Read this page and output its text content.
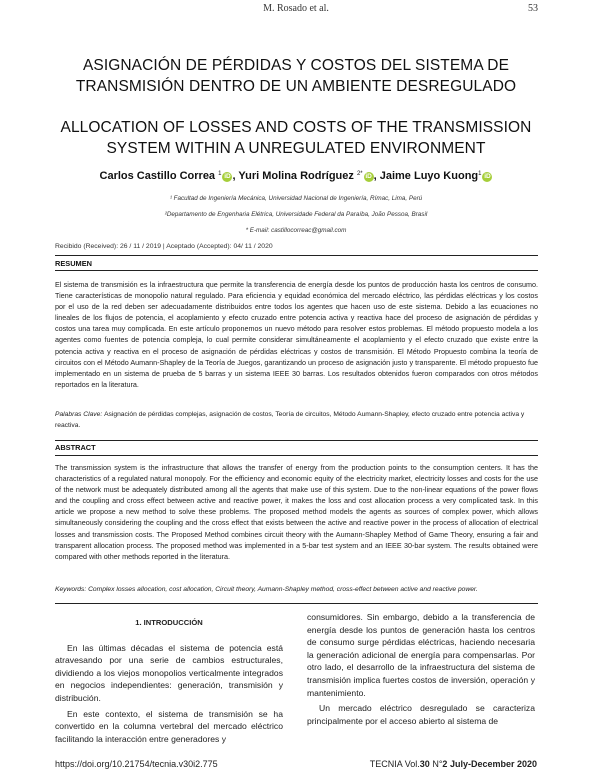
M. Rosado et al.	53
ASIGNACIÓN DE PÉRDIDAS Y COSTOS DEL SISTEMA DE
TRANSMISIÓN DENTRO DE UN AMBIENTE DESREGULADO
ALLOCATION OF LOSSES AND COSTS OF THE TRANSMISSION
SYSTEM WITHIN A UNREGULATED ENVIRONMENT
Carlos Castillo Correa $^1$ iD , Yuri Molina Rodríguez $^{2*}$ iD , Jaime Luyo Kuong$^1$ iD
¹ Facultad de Ingeniería Mecánica, Universidad Nacional de Ingeniería, Rímac, Lima, Perú
²Departamento de Engenharia Elétrica, Universidade Federal da Paraíba, João Pessoa, Brasil
* E-mail: castillocorreac@gmail.com
Recibido (Received): 26 / 11 / 2019 | Aceptado (Accepted): 04/ 11 / 2020
RESUMEN
El sistema de transmisión es la infraestructura que permite la transferencia de energía desde los puntos de producción hasta los centros de consumo. Tiene características de monopolio natural regulado. Para eficiencia y equidad económica del mercado eléctrico, las pérdidas eléctricas y los costos por el uso de la red deben ser adecuadamente distribuidos entre todos los agentes que hacen uso de este sistema. Debido a las ecuaciones no lineales de los flujos de potencia, el acoplamiento y efecto cruzado entre potencia activa y reactiva hace del proceso de asignación de pérdidas y costos una tarea muy complicada. En este artículo proponemos un nuevo método para resolver estos problemas. El método propuesto modela a los agentes como fuentes de potencia compleja, lo cual permite considerar simultáneamente el acoplamiento y el efecto cruzado que existe entre la potencia activa y reactiva en el proceso de asignación de pérdidas eléctricas y costos de transmisión. El Método Propuesto combina la teoría de circuitos con el Método Aumann-Shapley de la Teoría de Juegos, garantizando un proceso de asignación justo y transparente. El método propuesto fue implementado en un sistema de prueba de 5 barras y un sistema IEEE 30 barras. Los resultados obtenidos fueron comparados con otros métodos reportados en la literatura.
Palabras Clave: Asignación de pérdidas complejas, asignación de costos, Teoría de circuitos, Método Aumann-Shapley, efecto cruzado entre potencia activa y reactiva.
ABSTRACT
The transmission system is the infrastructure that allows the transfer of energy from the production points to the consumption centers. It has the characteristics of a regulated natural monopoly. For the efficiency and economic equity of the electricity market, electricity losses and costs for the use of the network must be adequately distributed among all the agents that make use of this system. Due to the non-linear equations of the power flows and the coupling and cross effect between active and reactive power, it makes the loss and cost allocation process a very complicated task. In this article we propose a new method to solve these problems. The proposed method models the agents as sources of complex power, which allows simultaneously considering the coupling and the cross effect that exists between the active and reactive power in the process of allocation of electrical losses and transmission costs. The Proposed Method combines circuit theory with the Aumann-Shapley Method of Game Theory, ensuring a fair and transparent allocation process. The proposed method was implemented in a 5-bar test system and an IEEE 30-bar system. The results obtained were compared with other methods reported in the literatura.
Keywords: Complex losses allocation, cost allocation, Circuit theory, Aumann-Shapley method, cross-effect between active and reactive power.
1. INTRODUCCIÓN

En las últimas décadas el sistema de potencia está atravesando por una serie de cambios estructurales, dividiendo a los viejos monopolios verticalmente integrados en negocios independientes: generación, transmisión y distribución.

En este contexto, el sistema de transmisión se ha convertido en la columna vertebral del mercado eléctrico facilitando la interacción entre generadores y

consumidores. Sin embargo, debido a la transferencia de energía desde los puntos de generación hasta los centros de consumo surge pérdidas eléctricas, haciendo necesaria la generación adicional de energía para compensarlas. Por otro lado, el desarrollo de la infraestructura del sistema de transmisión implica fuertes costos de inversión, operación y mantenimiento.

Un mercado eléctrico desregulado se caracteriza principalmente por el acceso abierto al sistema de

https://doi.org/10.21754/tecnia.v30i2.775	TECNIA Vol.30 N°2 July-December 2020
